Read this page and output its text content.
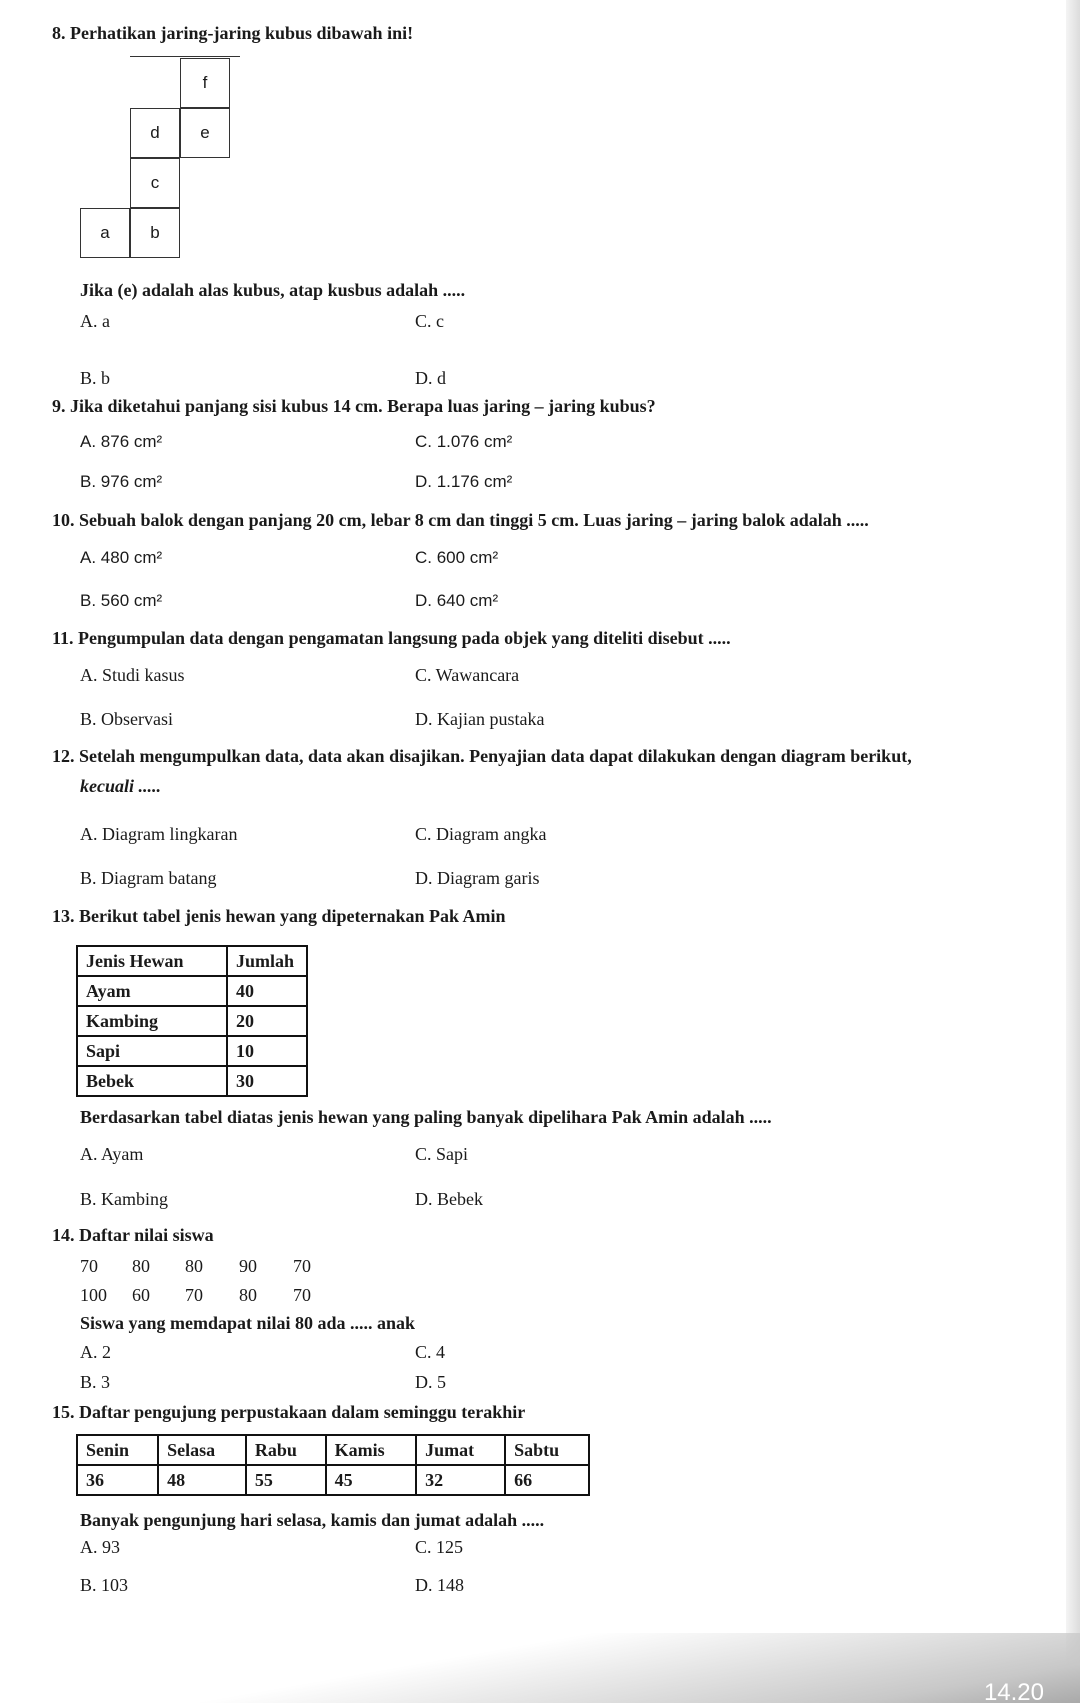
8. Perhatikan jaring-jaring kubus dibawah ini!
f
d	e
c
a	b
Jika (e) adalah alas kubus, atap kusbus adalah .....
A. a	C. c
B. b	D. d
9. Jika diketahui panjang sisi kubus 14 cm. Berapa luas jaring – jaring kubus?
A. 876 cm²	C. 1.076 cm²
B. 976 cm²	D. 1.176 cm²
10. Sebuah balok dengan panjang 20 cm, lebar 8 cm dan tinggi 5 cm. Luas jaring – jaring balok adalah .....
A. 480 cm²	C. 600 cm²
B. 560 cm²	D. 640 cm²
11. Pengumpulan data dengan pengamatan langsung pada objek yang diteliti disebut .....
A. Studi kasus	C. Wawancara
B. Observasi	D. Kajian pustaka
12. Setelah mengumpulkan data, data akan disajikan. Penyajian data dapat dilakukan dengan diagram berikut,
kecuali .....
A. Diagram lingkaran	C. Diagram angka
B. Diagram batang	D. Diagram garis
13. Berikut tabel jenis hewan yang dipeternakan Pak Amin
Jenis Hewan	Jumlah
Ayam	40
Kambing	20
Sapi	10
Bebek	30
Berdasarkan tabel diatas jenis hewan yang paling banyak dipelihara Pak Amin adalah .....
A. Ayam	C. Sapi
B. Kambing	D. Bebek
14. Daftar nilai siswa
70 80 80 90 70
100 60 70 80 70
Siswa yang memdapat nilai 80 ada ..... anak
A. 2	C. 4
B. 3	D. 5
15. Daftar pengujung perpustakaan dalam seminggu terakhir
Senin	Selasa	Rabu	Kamis	Jumat	Sabtu
36	48	55	45	32	66
Banyak pengunjung hari selasa, kamis dan jumat adalah .....
A. 93	C. 125
B. 103	D. 148
14.20
